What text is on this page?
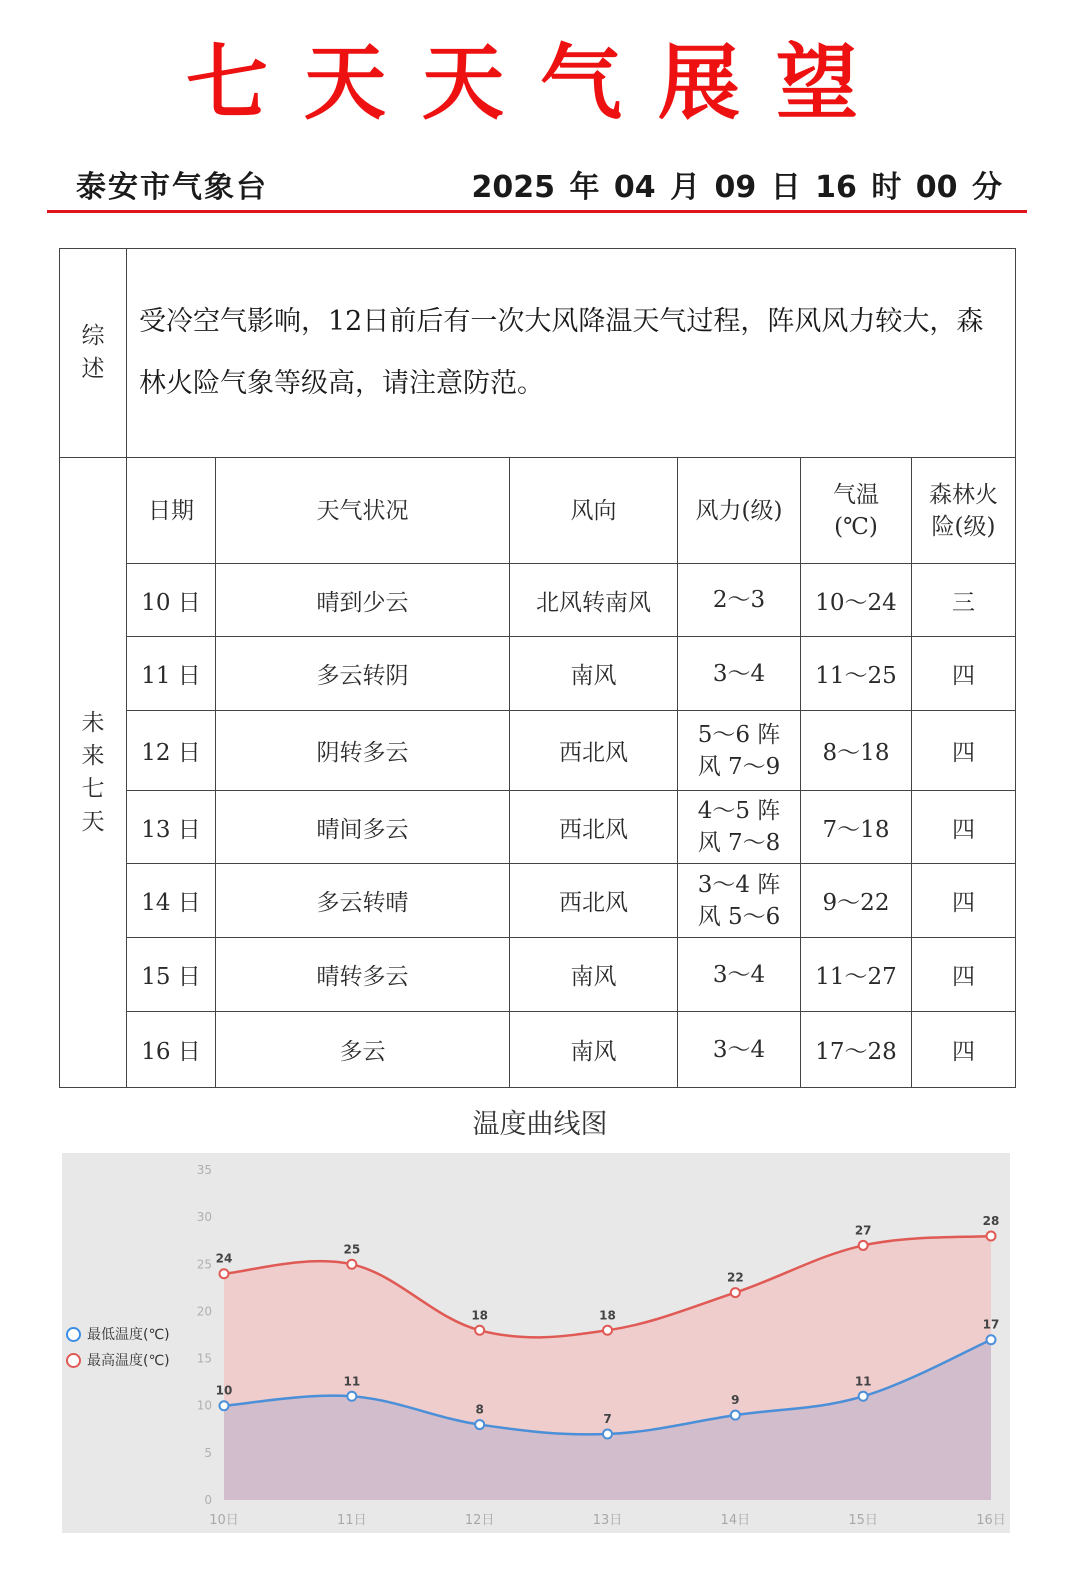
七天天气展望
泰安市气象台	2025 年 04 月 09 日 16 时 00 分
综述	受冷空气影响，12日前后有一次大风降温天气过程，阵风风力较大，森林火险气象等级高，请注意防范。					

未来七天	日期	天气状况	风向	风力(级)	气温(℃)	森林火险(级)

	10 日	晴到少云	北风转南风	2～3	10～24	三
	11 日	多云转阴	南风	3～4	11～25	四
	12 日	阴转多云	西北风	5～6 阵风 7～9	8～18	四
	13 日	晴间多云	西北风	4～5 阵风 7～8	7～18	四
	14 日	多云转晴	西北风	3～4 阵风 5～6	9～22	四
	15 日	晴转多云	南风	3～4	11～27	四
	16 日	多云	南风	3～4	17～28	四
温度曲线图
0
5
10
15
20
25
30
35
10日	11日	12日	13日	14日	15日	16日
10
11
8
7
9
11
17
24
25
18	18
22
27
28
最低温度(℃)
最高温度(℃)
